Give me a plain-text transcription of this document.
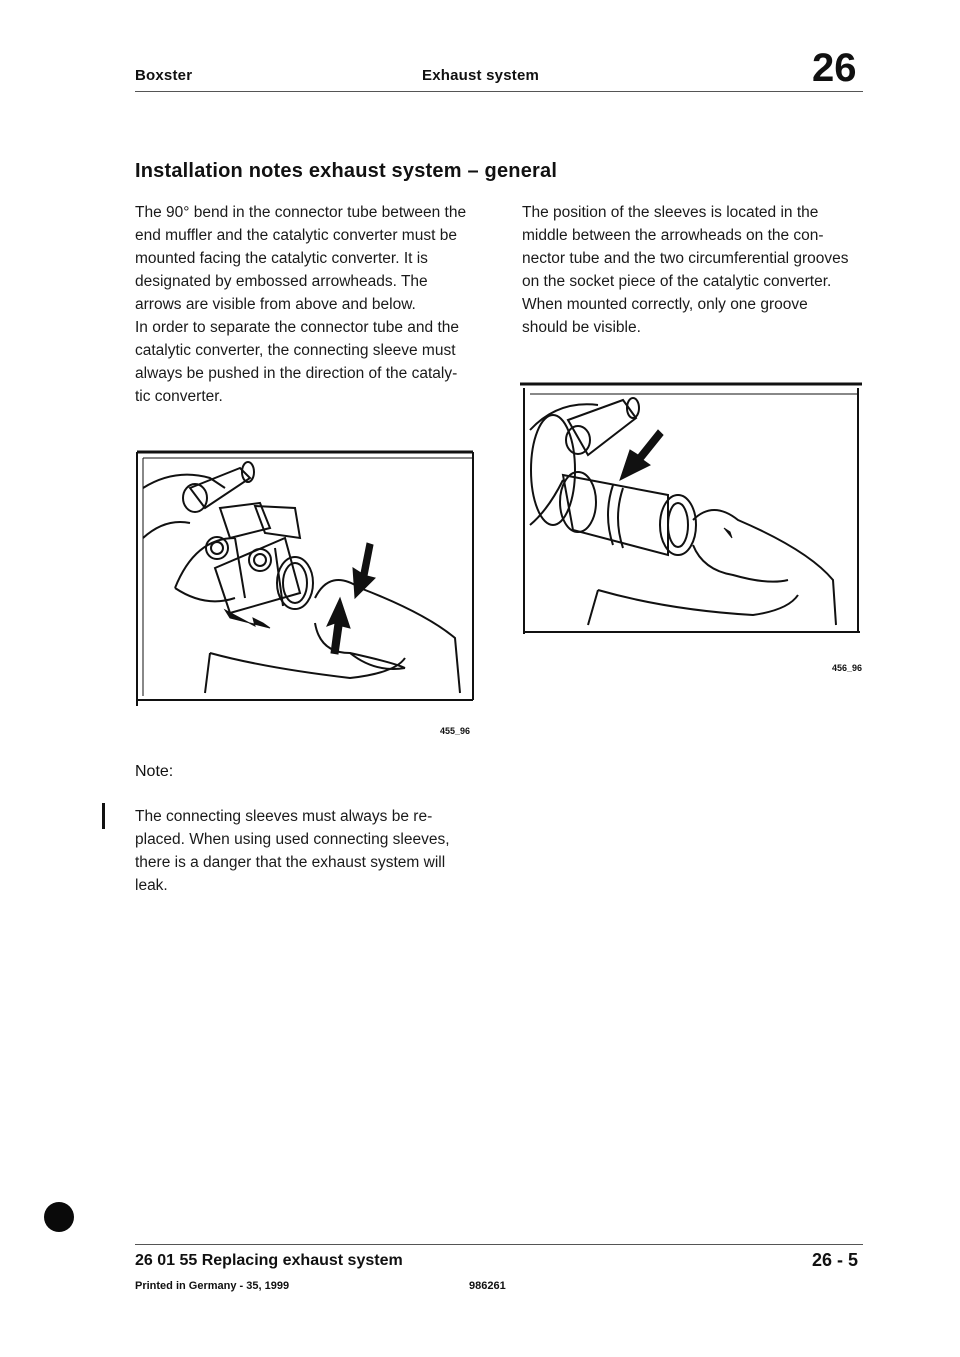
Boxster	Exhaust system	26
Installation notes exhaust system – general

The 90° bend in the connector tube between the

end muffler and the catalytic converter must be

mounted facing the catalytic converter. It is

designated by embossed arrowheads. The

arrows are visible from above and below.

In order to separate the connector tube and the

catalytic converter, the connecting sleeve must

always be pushed in the direction of the cataly-

tic converter.

The position of the sleeves is located in the

middle between the arrowheads on the con-

nector tube and the two circumferential grooves

on the socket piece of the catalytic converter.

When mounted correctly, only one groove

should be visible.

455_96
456_96
Note:

The connecting sleeves must always be re-

placed. When using used connecting sleeves,

there is a danger that the exhaust system will

leak.

26 01 55 Replacing exhaust system	26 - 5
Printed in Germany - 35, 1999	986261
